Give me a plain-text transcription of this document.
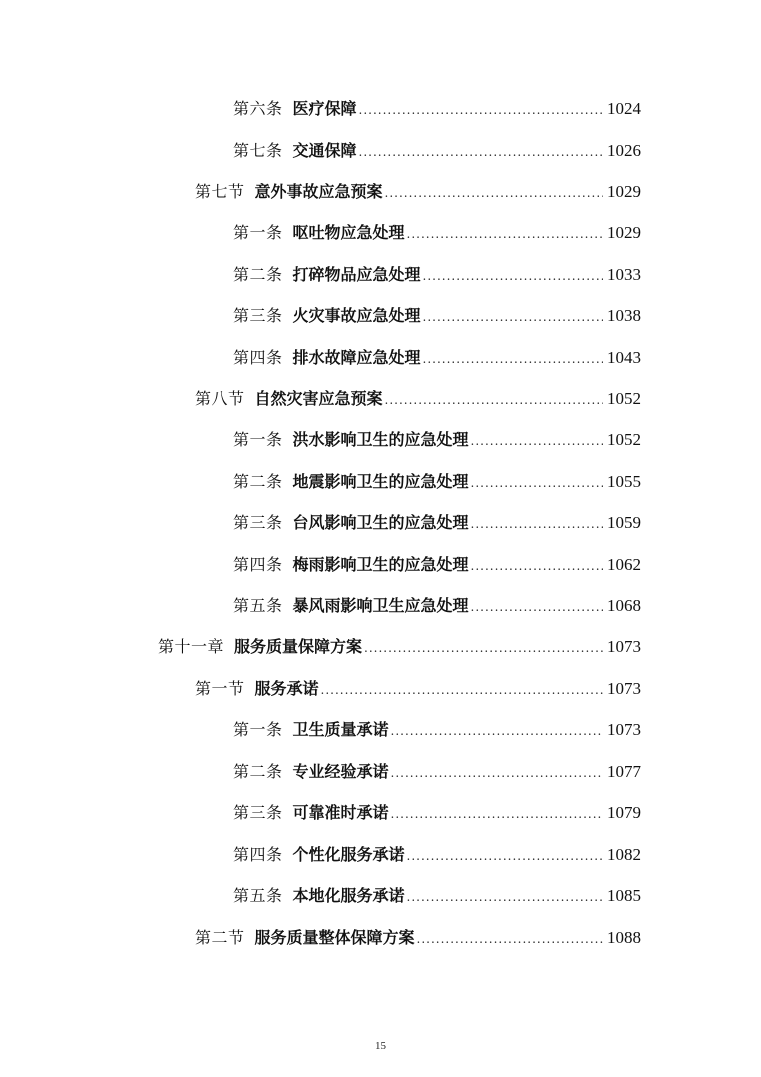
第六条 医疗保障 .....	1024
第七条 交通保障 .....	1026
第七节 意外事故应急预案 .....	1029
第一条 呕吐物应急处理 .....	1029
第二条 打碎物品应急处理 .....	1033
第三条 火灾事故应急处理 .....	1038
第四条 排水故障应急处理 .....	1043
第八节 自然灾害应急预案 .....	1052
第一条 洪水影响卫生的应急处理 .....	1052
第二条 地震影响卫生的应急处理 .....	1055
第三条 台风影响卫生的应急处理 .....	1059
第四条 梅雨影响卫生的应急处理 .....	1062
第五条 暴风雨影响卫生应急处理 .....	1068
第十一章 服务质量保障方案 .....	1073
第一节 服务承诺 .....	1073
第一条 卫生质量承诺 .....	1073
第二条 专业经验承诺 .....	1077
第三条 可靠准时承诺 .....	1079
第四条 个性化服务承诺 .....	1082
第五条 本地化服务承诺 .....	1085
第二节 服务质量整体保障方案 .....	1088
15
